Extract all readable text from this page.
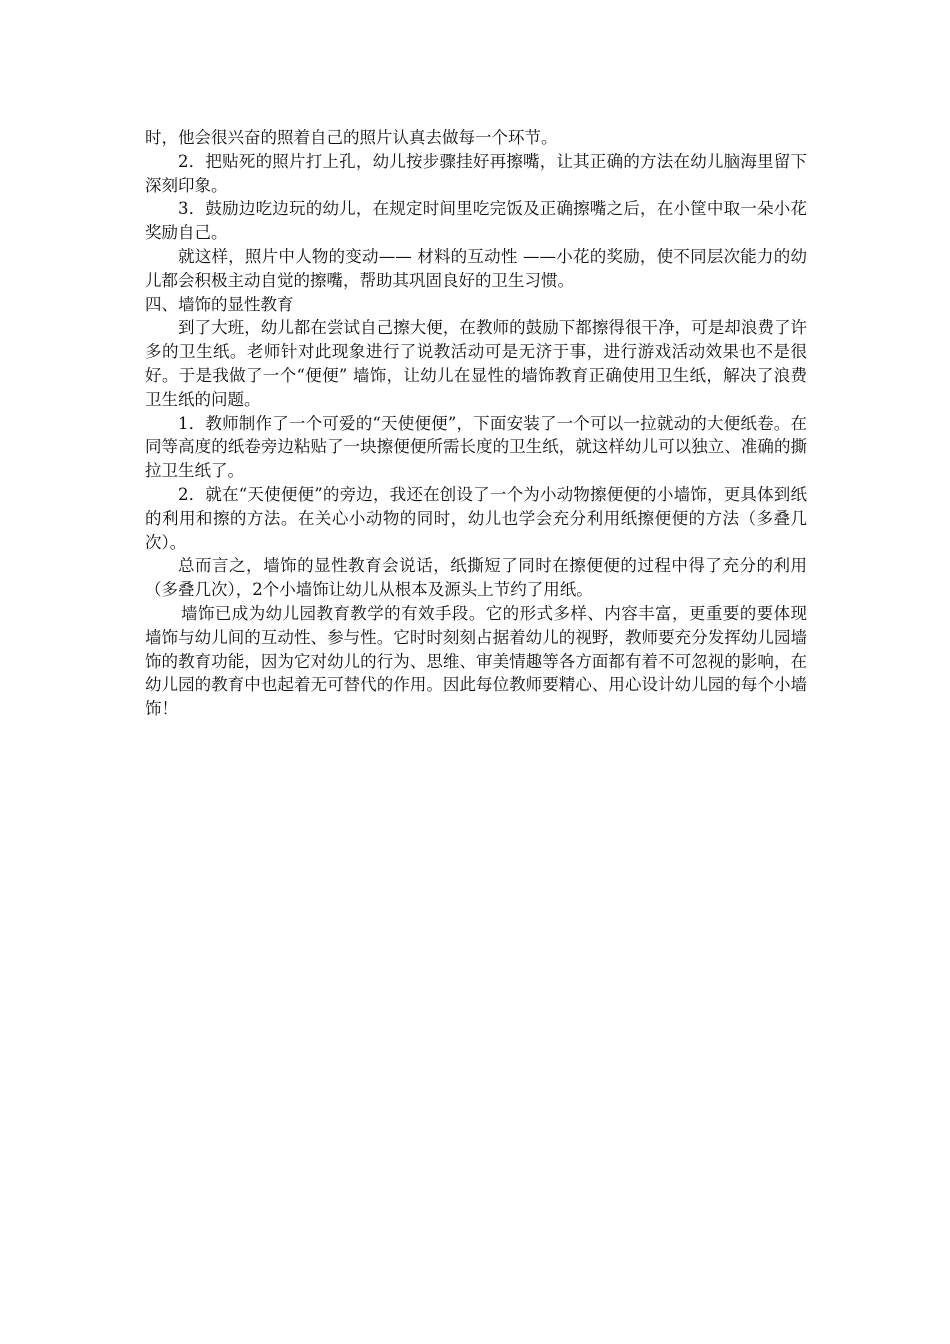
时，他会很兴奋的照着自己的照片认真去做每一个环节。

2．把贴死的照片打上孔，幼儿按步骤挂好再擦嘴，让其正确的方法在幼儿脑海里留下深刻印象。

3．鼓励边吃边玩的幼儿，在规定时间里吃完饭及正确擦嘴之后，在小筐中取一朵小花奖励自己。

就这样，照片中人物的变动—— 材料的互动性 ——小花的奖励，使不同层次能力的幼儿都会积极主动自觉的擦嘴，帮助其巩固良好的卫生习惯。

四、墙饰的显性教育

到了大班，幼儿都在尝试自己擦大便，在教师的鼓励下都擦得很干净，可是却浪费了许多的卫生纸。老师针对此现象进行了说教活动可是无济于事，进行游戏活动效果也不是很好。于是我做了一个“便便” 墙饰，让幼儿在显性的墙饰教育正确使用卫生纸，解决了浪费卫生纸的问题。

1．教师制作了一个可爱的“天使便便”，下面安装了一个可以一拉就动的大便纸卷。在同等高度的纸卷旁边粘贴了一块擦便便所需长度的卫生纸，就这样幼儿可以独立、准确的撕拉卫生纸了。

2．就在“天使便便”的旁边，我还在创设了一个为小动物擦便便的小墙饰，更具体到纸的利用和擦的方法。在关心小动物的同时，幼儿也学会充分利用纸擦便便的方法（多叠几次）。

总而言之，墙饰的显性教育会说话，纸撕短了同时在擦便便的过程中得了充分的利用（多叠几次），2个小墙饰让幼儿从根本及源头上节约了用纸。

墙饰已成为幼儿园教育教学的有效手段。它的形式多样、内容丰富，更重要的要体现墙饰与幼儿间的互动性、参与性。它时时刻刻占据着幼儿的视野，教师要充分发挥幼儿园墙饰的教育功能，因为它对幼儿的行为、思维、审美情趣等各方面都有着不可忽视的影响，在幼儿园的教育中也起着无可替代的作用。因此每位教师要精心、用心设计幼儿园的每个小墙饰！
